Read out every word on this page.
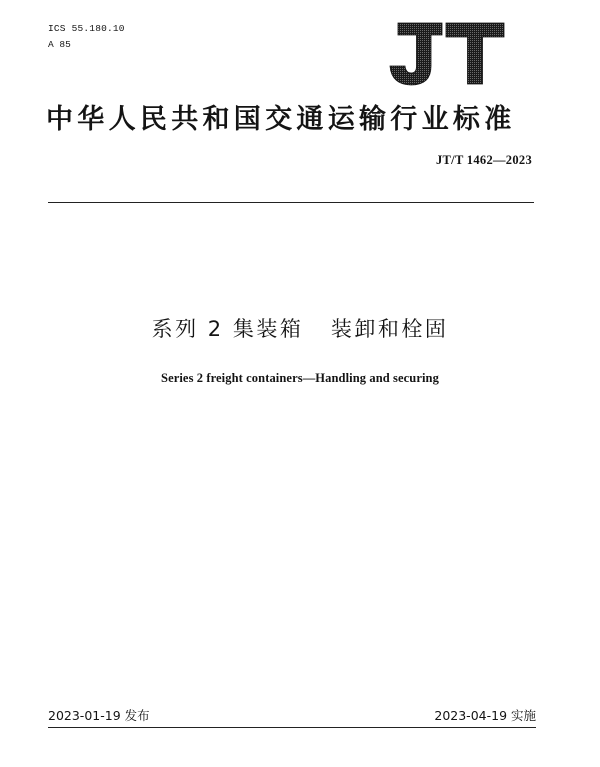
ICS 55.180.10
A 85
中华人民共和国交通运输行业标准
JT/T 1462—2023
系列 2 集装箱   装卸和栓固
Series 2 freight containers—Handling and securing
2023-01-19 发布	2023-04-19 实施
